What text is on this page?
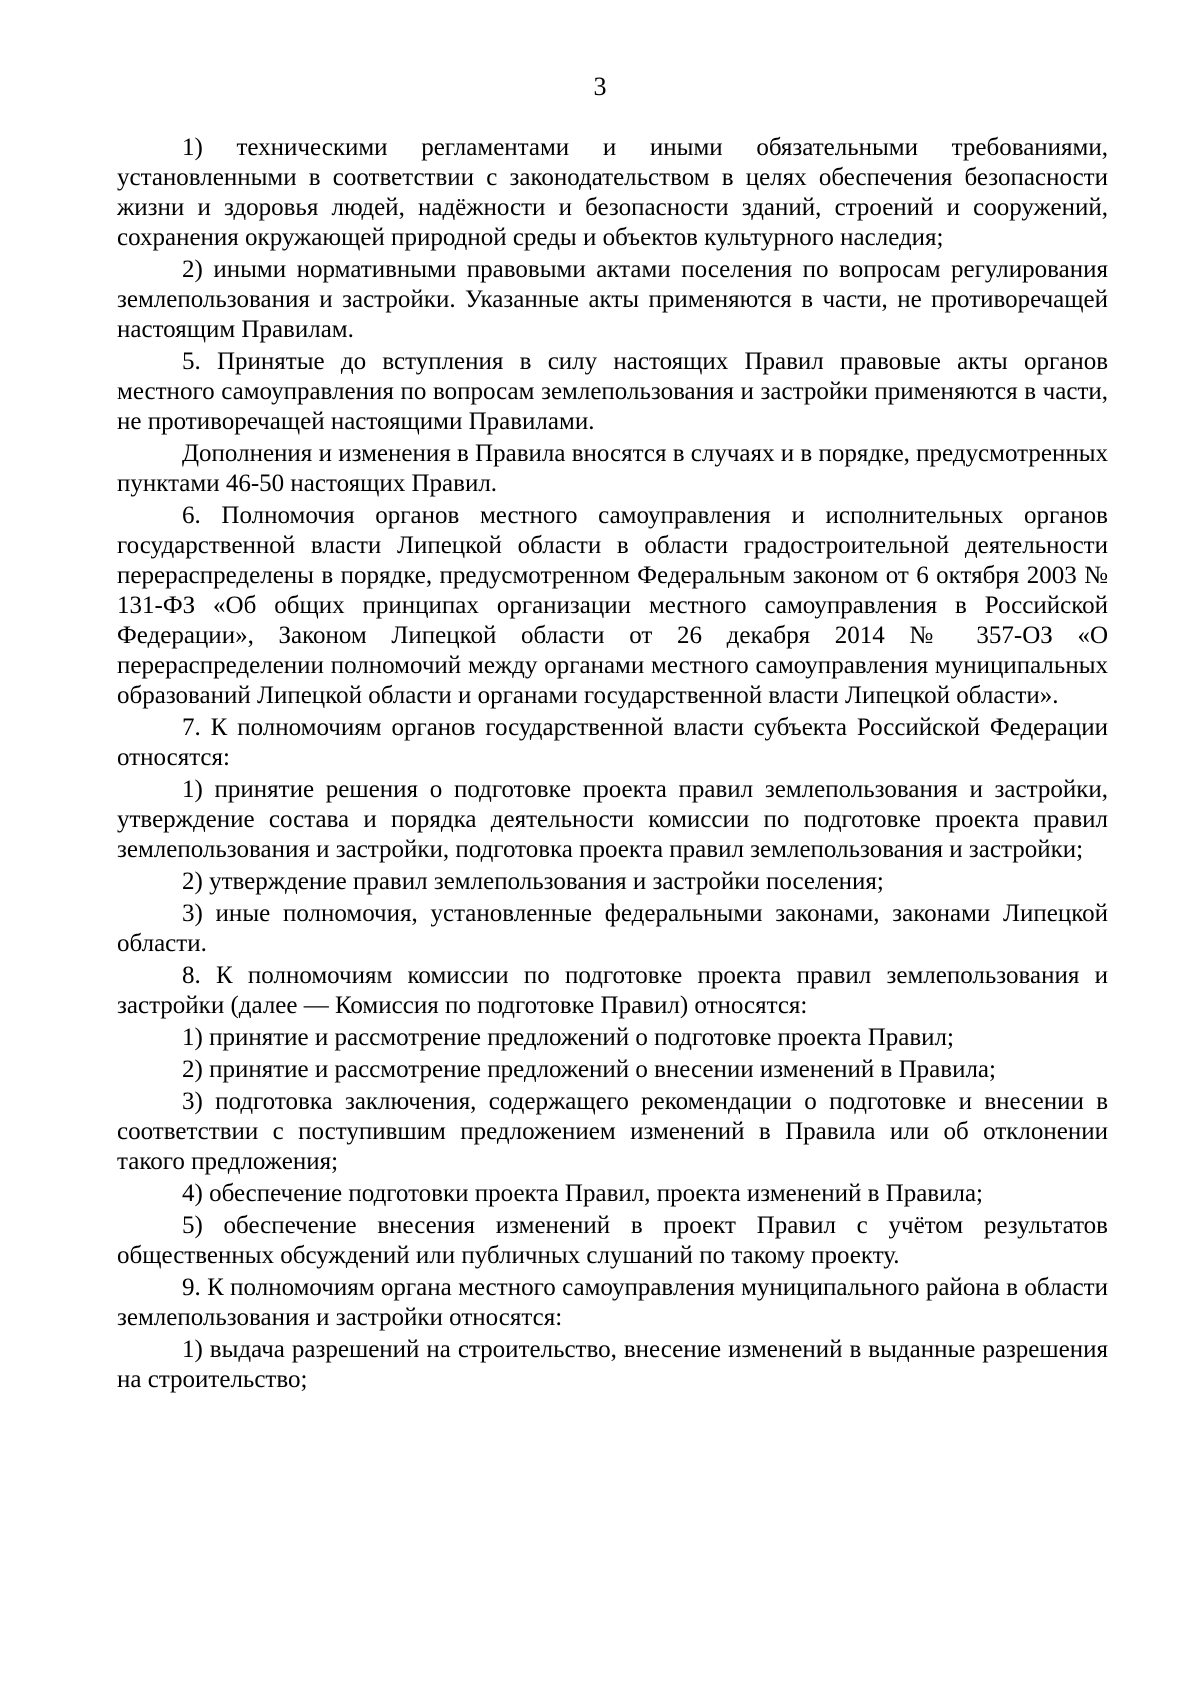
3

1) техническими регламентами и иными обязательными требованиями, установленными в соответствии с законодательством в целях обеспечения безопасности жизни и здоровья людей, надёжности и безопасности зданий, строений и сооружений, сохранения окружающей природной среды и объектов культурного наследия;

2) иными нормативными правовыми актами поселения по вопросам регулирования землепользования и застройки. Указанные акты применяются в части, не противоречащей настоящим Правилам.

5. Принятые до вступления в силу настоящих Правил правовые акты органов местного самоуправления по вопросам землепользования и застройки применяются в части, не противоречащей настоящими Правилами.

Дополнения и изменения в Правила вносятся в случаях и в порядке, предусмотренных пунктами 46-50 настоящих Правил.

6. Полномочия органов местного самоуправления и исполнительных органов государственной власти Липецкой области в области градостроительной деятельности перераспределены в порядке, предусмотренном Федеральным законом от 6 октября 2003 № 131-ФЗ «Об общих принципах организации местного самоуправления в Российской Федерации», Законом Липецкой области от 26 декабря 2014 № 357-ОЗ «О перераспределении полномочий между органами местного самоуправления муниципальных образований Липецкой области и органами государственной власти Липецкой области».

7. К полномочиям органов государственной власти субъекта Российской Федерации относятся:

1) принятие решения о подготовке проекта правил землепользования и застройки, утверждение состава и порядка деятельности комиссии по подготовке проекта правил землепользования и застройки, подготовка проекта правил землепользования и застройки;

2) утверждение правил землепользования и застройки поселения;

3) иные полномочия, установленные федеральными законами, законами Липецкой области.

8. К полномочиям комиссии по подготовке проекта правил землепользования и застройки (далее — Комиссия по подготовке Правил) относятся:

1) принятие и рассмотрение предложений о подготовке проекта Правил;

2) принятие и рассмотрение предложений о внесении изменений в Правила;

3) подготовка заключения, содержащего рекомендации о подготовке и внесении в соответствии с поступившим предложением изменений в Правила или об отклонении такого предложения;

4) обеспечение подготовки проекта Правил, проекта изменений в Правила;

5) обеспечение внесения изменений в проект Правил с учётом результатов общественных обсуждений или публичных слушаний по такому проекту.

9. К полномочиям органа местного самоуправления муниципального района в области землепользования и застройки относятся:

1) выдача разрешений на строительство, внесение изменений в выданные разрешения на строительство;
